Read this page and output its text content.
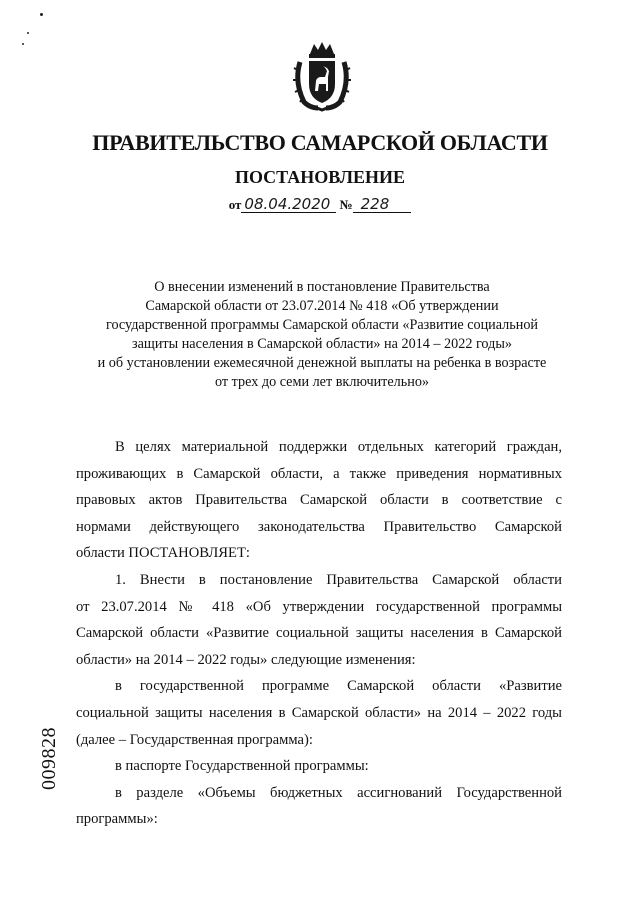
ПРАВИТЕЛЬСТВО САМАРСКОЙ ОБЛАСТИ
ПОСТАНОВЛЕНИЕ
от 08.04.2020 № 228
О внесении изменений в постановление Правительства
Самарской области от 23.07.2014 № 418 «Об утверждении
государственной программы Самарской области «Развитие социальной
защиты населения в Самарской области» на 2014 – 2022 годы»
и об установлении ежемесячной денежной выплаты на ребенка в возрасте
от трех до семи лет включительно»
В целях материальной поддержки отдельных категорий граждан,
проживающих в Самарской области, а также приведения нормативных
правовых актов Правительства Самарской области в соответствие с
нормами действующего законодательства Правительство Самарской
области ПОСТАНОВЛЯЕТ:
1. Внести в постановление Правительства Самарской области
от 23.07.2014 № 418 «Об утверждении государственной программы
Самарской области «Развитие социальной защиты населения в Самарской
области» на 2014 – 2022 годы» следующие изменения:
в государственной программе Самарской области «Развитие
социальной защиты населения в Самарской области» на 2014 – 2022 годы
(далее – Государственная программа):
в паспорте Государственной программы:
в разделе «Объемы бюджетных ассигнований Государственной
программы»:
009828
